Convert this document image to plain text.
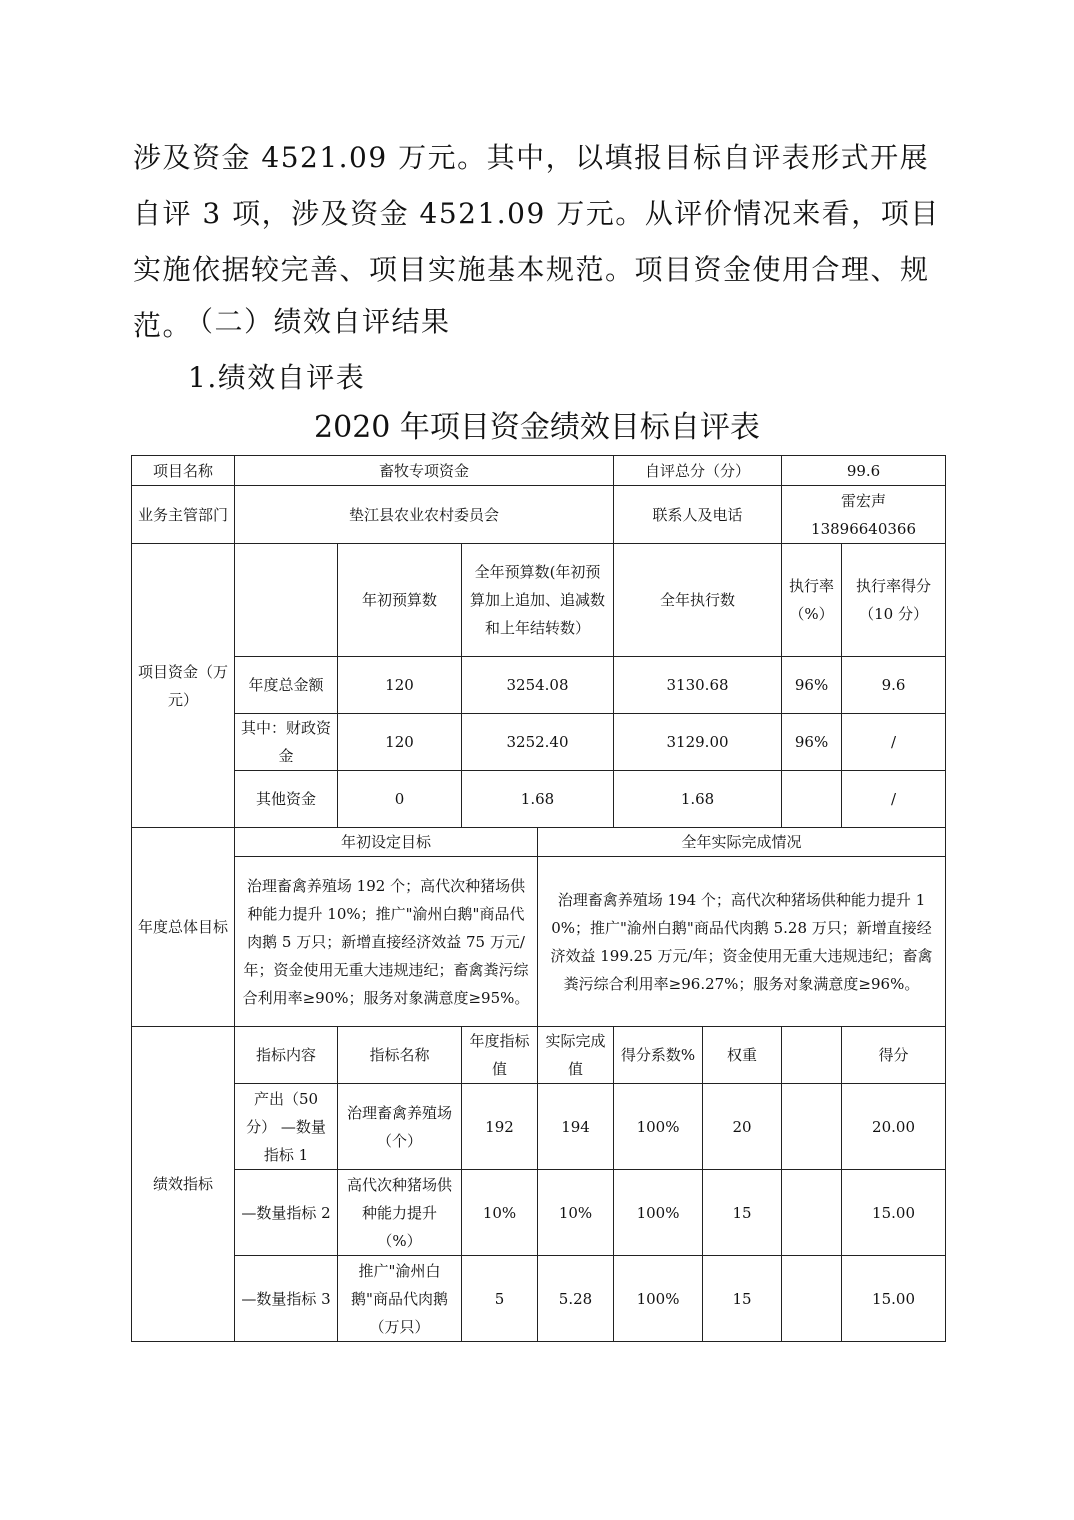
涉及资金 4521.09 万元。其中，以填报目标自评表形式开展自评 3 项，涉及资金 4521.09 万元。从评价情况来看，项目实施依据较完善、项目实施基本规范。项目资金使用合理、规范。

（二）绩效自评结果

1.绩效自评表

2020 年项目资金绩效目标自评表

项目名称	畜牧专项资金				自评总分（分）		99.6	
业务主管部门	垫江县农业农村委员会				联系人及电话		雷宏声
13896640366	

项目资金（万元）		年初预算数	全年预算数(年初预算加上追加、追减数和上年结转数）		全年执行数		执行率（%）	执行率得分（10 分）
	年度总金额	120	3254.08		3130.68		96%	9.6
	其中：财政资金	120	3252.40		3129.00		96%	/
	其他资金	0	1.68		1.68			/
年度总体目标	年初设定目标			全年实际完成情况				
	治理畜禽养殖场 192 个；高代次种猪场供种能力提升 10%；推广"渝州白鹅"商品代肉鹅 5 万只；新增直接经济效益 75 万元/年；资金使用无重大违规违纪；畜禽粪污综合利用率≥90%；服务对象满意度≥95%。			治理畜禽养殖场 194 个；高代次种猪场供种能力提升 10%；推广"渝州白鹅"商品代肉鹅 5.28 万只；新增直接经济效益 199.25 万元/年；资金使用无重大违规违纪；畜禽粪污综合利用率≥96.27%；服务对象满意度≥96%。				
绩效指标	指标内容	指标名称	年度指标值	实际完成值	得分系数%	权重		得分
	产出（50 分） —数量指标 1	治理畜禽养殖场（个）	192	194	100%	20		20.00
	—数量指标 2	高代次种猪场供种能力提升（%）	10%	10%	100%	15		15.00
	—数量指标 3	推广"渝州白鹅"商品代肉鹅（万只）	5	5.28	100%	15		15.00
